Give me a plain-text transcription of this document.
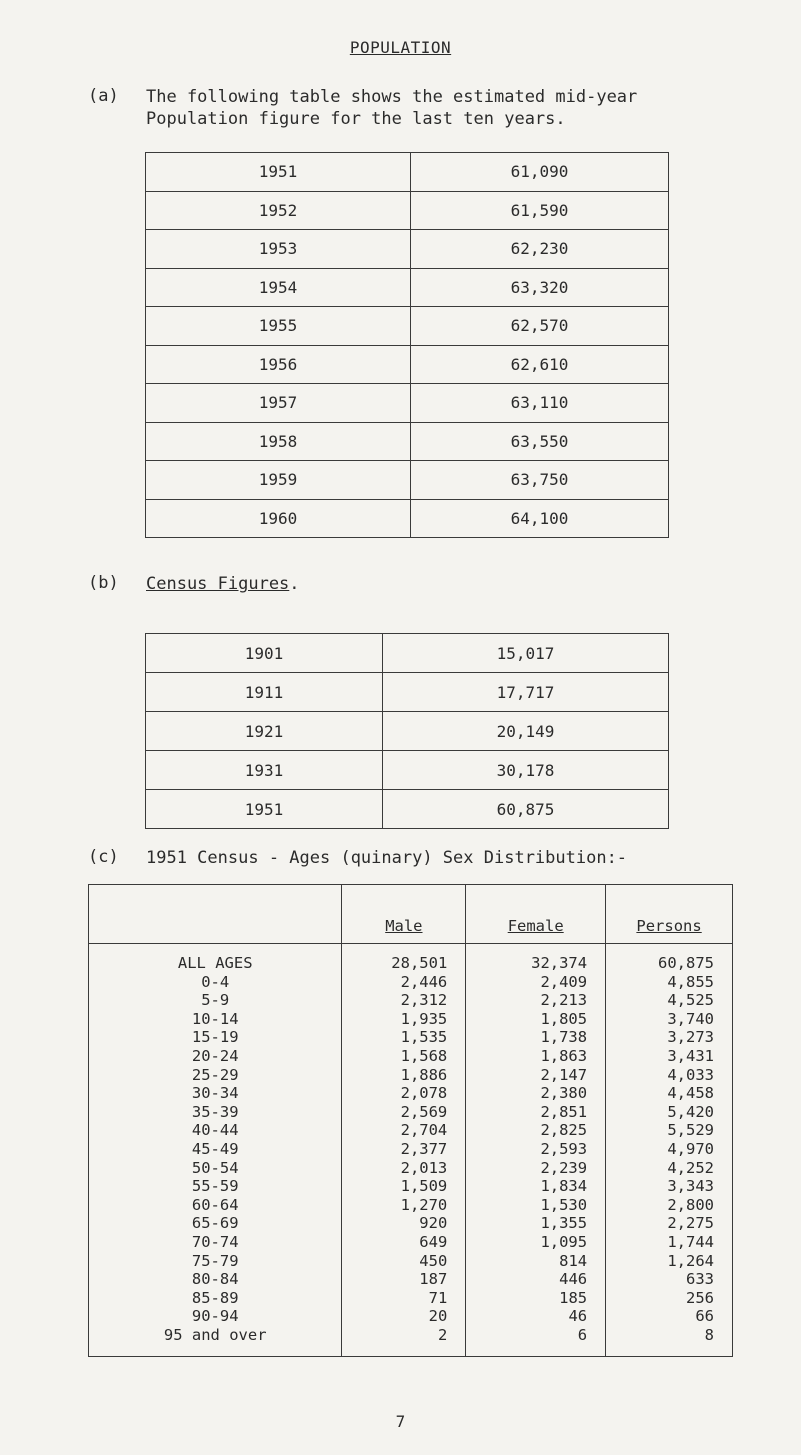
POPULATION
(a) The following table shows the estimated mid-year
Population figure for the last ten years.
1951	61,090
1952	61,590
1953	62,230
1954	63,320
1955	62,570
1956	62,610
1957	63,110
1958	63,550
1959	63,750
1960	64,100
(b) Census Figures.
1901	15,017
1911	17,717
1921	20,149
1931	30,178
1951	60,875
(c) 1951 Census - Ages (quinary) Sex Distribution:-
	Male	Female	Persons
ALL AGES	28,501	32,374	60,875
0-4	2,446	2,409	4,855
5-9	2,312	2,213	4,525
10-14	1,935	1,805	3,740
15-19	1,535	1,738	3,273
20-24	1,568	1,863	3,431
25-29	1,886	2,147	4,033
30-34	2,078	2,380	4,458
35-39	2,569	2,851	5,420
40-44	2,704	2,825	5,529
45-49	2,377	2,593	4,970
50-54	2,013	2,239	4,252
55-59	1,509	1,834	3,343
60-64	1,270	1,530	2,800
65-69	920	1,355	2,275
70-74	649	1,095	1,744
75-79	450	814	1,264
80-84	187	446	633
85-89	71	185	256
90-94	20	46	66
95 and over	2	6	8
7
